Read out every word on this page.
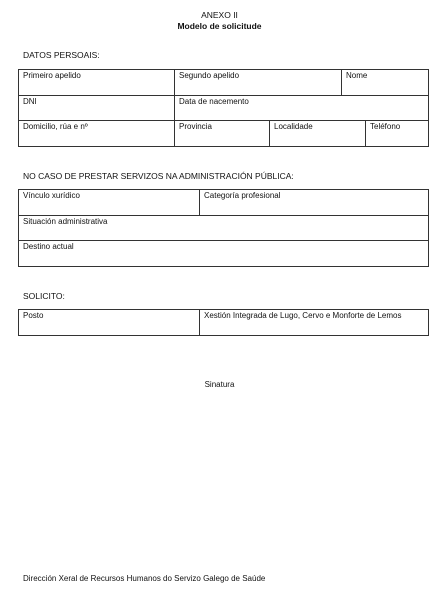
ANEXO II
Modelo de solicitude
DATOS PERSOAIS:
Primeiro apelido	Segundo apelido		Nome	
DNI	Data de nacemento			
Domicilio, rúa e nº	Provincia	Localidade		Teléfono
NO CASO DE PRESTAR SERVIZOS NA ADMINISTRACIÓN PÚBLICA:
Vínculo xurídico	Categoría profesional
Situación administrativa
Destino actual
SOLICITO:
Posto	Xestión Integrada de Lugo, Cervo e Monforte de Lemos
Sinatura
Dirección Xeral de Recursos Humanos do Servizo Galego de Saúde
